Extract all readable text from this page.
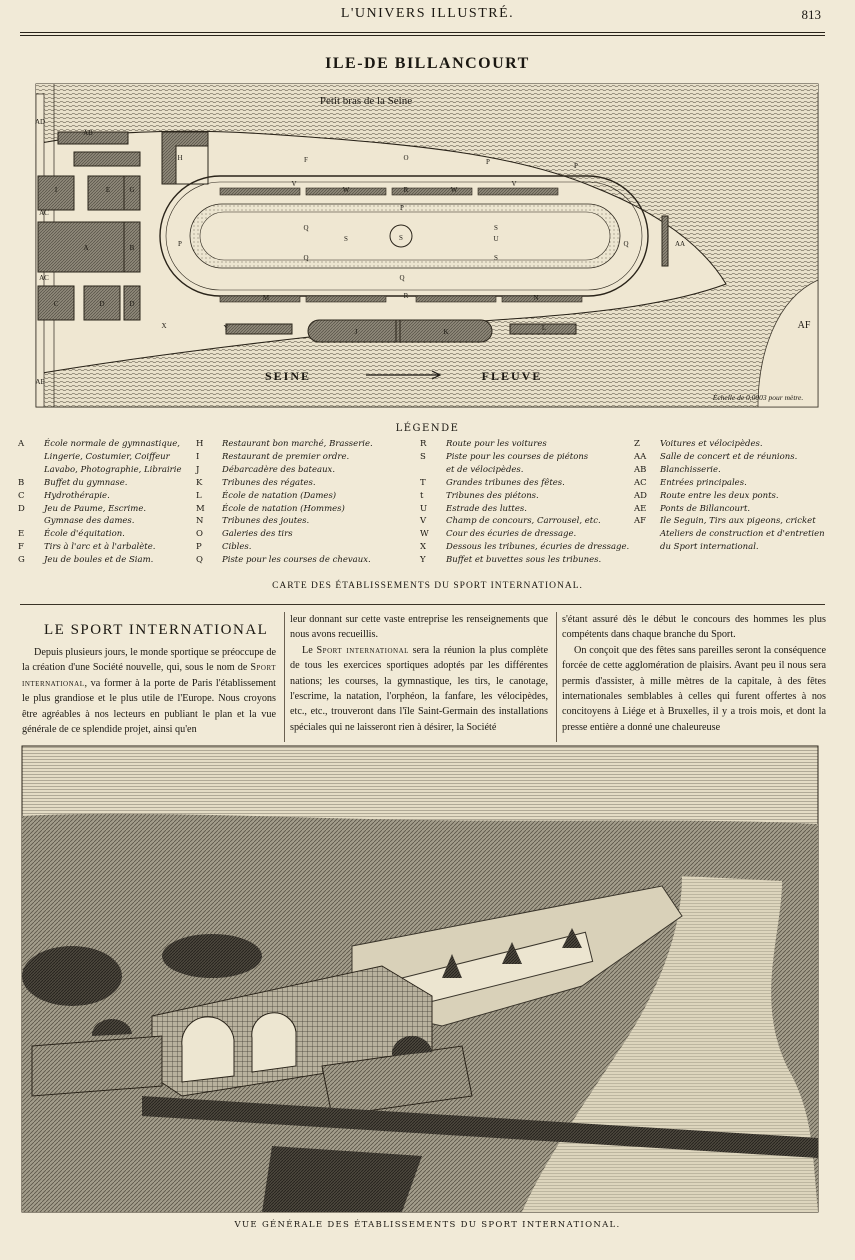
L'UNIVERS ILLUSTRÉ.	813
ILE-DE BILLANCOURT
Petit bras de la Seine
SEINE	FLEUVE
Échelle de 0,0003 pour mètre.
AF
AB
AD
AE
AC
AC
AA
A	B
C	D	D
I	E	G
H	F	O	P	P
P
P
Q
Q
Q
Q
S
S
S
S	U
V	V
W	W
X	Y	J	K	L
M	N
R
R
LÉGENDE
A	École normale de gymnastique,
Lingerie, Costumier, Coiffeur
Lavabo, Photographie, Librairie
B	Buffet du gymnase.
C	Hydrothérapie.
D	Jeu de Paume, Escrime.
Gymnase des dames.
E	École d'équitation.
F	Tirs à l'arc et à l'arbalète.
G	Jeu de boules et de Siam.
H	Restaurant bon marché, Brasserie.
I	Restaurant de premier ordre.
J	Débarcadère des bateaux.
K	Tribunes des régates.
L	École de natation (Dames)
M	École de natation (Hommes)
N	Tribunes des joutes.
O	Galeries des tirs
P	Cibles.
Q	Piste pour les courses de chevaux.
R	Route pour les voitures
S	Piste pour les courses de piétons
et de vélocipèdes.
T	Grandes tribunes des fêtes.
t	Tribunes des piétons.
U	Estrade des luttes.
V	Champ de concours, Carrousel, etc.
W	Cour des écuries de dressage.
X	Dessous les tribunes, écuries de dressage.
Y	Buffet et buvettes sous les tribunes.
Z	Voitures et vélocipèdes.
AA	Salle de concert et de réunions.
AB	Blanchisserie.
AC	Entrées principales.
AD	Route entre les deux ponts.
AE	Ponts de Billancourt.
AF	Ile Seguin, Tirs aux pigeons, cricket
Ateliers de construction et d'entretien
du Sport international.
CARTE DES ÉTABLISSEMENTS DU SPORT INTERNATIONAL.
LE SPORT INTERNATIONAL

Depuis plusieurs jours, le monde sportique se préoccupe de la création d'une Société nouvelle, qui, sous le nom de Sport international, va former à la porte de Paris l'établissement le plus grandiose et le plus utile de l'Europe. Nous croyons être agréables à nos lecteurs en publiant le plan et la vue générale de ce splendide projet, ainsi qu'en

leur donnant sur cette vaste entreprise les renseignements que nous avons recueillis.

Le Sport international sera la réunion la plus complète de tous les exercices sportiques adoptés par les différentes nations; les courses, la gymnastique, les tirs, le canotage, l'escrime, la natation, l'orphéon, la fanfare, les vélocipèdes, etc., etc., trouveront dans l'île Saint-Germain des installations spéciales qui ne laisseront rien à désirer, la Société

s'étant assuré dès le début le concours des hommes les plus compétents dans chaque branche du Sport.

On conçoit que des fêtes sans pareilles seront la conséquence forcée de cette agglomération de plaisirs. Avant peu il nous sera permis d'assister, à mille mètres de la capitale, à des fêtes internationales semblables à celles qui furent offertes à nos concitoyens à Liége et à Bruxelles, il y a trois mois, et dont la presse entière a donné une chaleureuse

VUE GÉNÉRALE DES ÉTABLISSEMENTS DU SPORT INTERNATIONAL.
